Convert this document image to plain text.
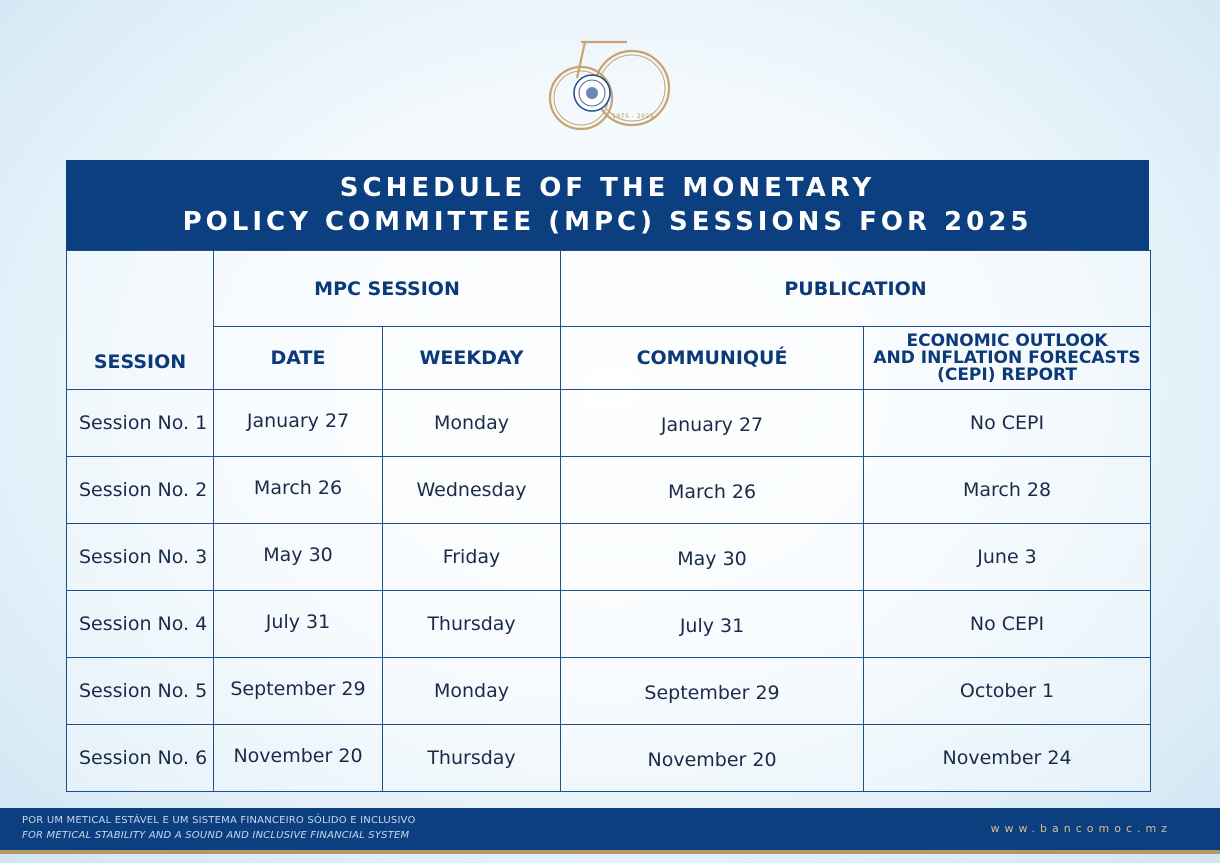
1975 - 2025
SCHEDULE OF THE MONETARY
POLICY COMMITTEE (MPC) SESSIONS FOR 2025
SESSION	MPC SESSION		PUBLICATION	
	DATE	WEEKDAY	COMMUNIQUÉ	ECONOMIC OUTLOOK
AND INFLATION FORECASTS
(CEPI) REPORT

Session No. 1	January 27	Monday	January 27	No CEPI
Session No. 2	March 26	Wednesday	March 26	March 28
Session No. 3	May 30	Friday	May 30	June 3
Session No. 4	July 31	Thursday	July 31	No CEPI
Session No. 5	September 29	Monday	September 29	October 1
Session No. 6	November 20	Thursday	November 20	November 24
POR UM METICAL ESTÁVEL E UM SISTEMA FINANCEIRO SÓLIDO E INCLUSIVO
FOR METICAL STABILITY AND A SOUND AND INCLUSIVE FINANCIAL SYSTEM
www.bancomoc.mz
